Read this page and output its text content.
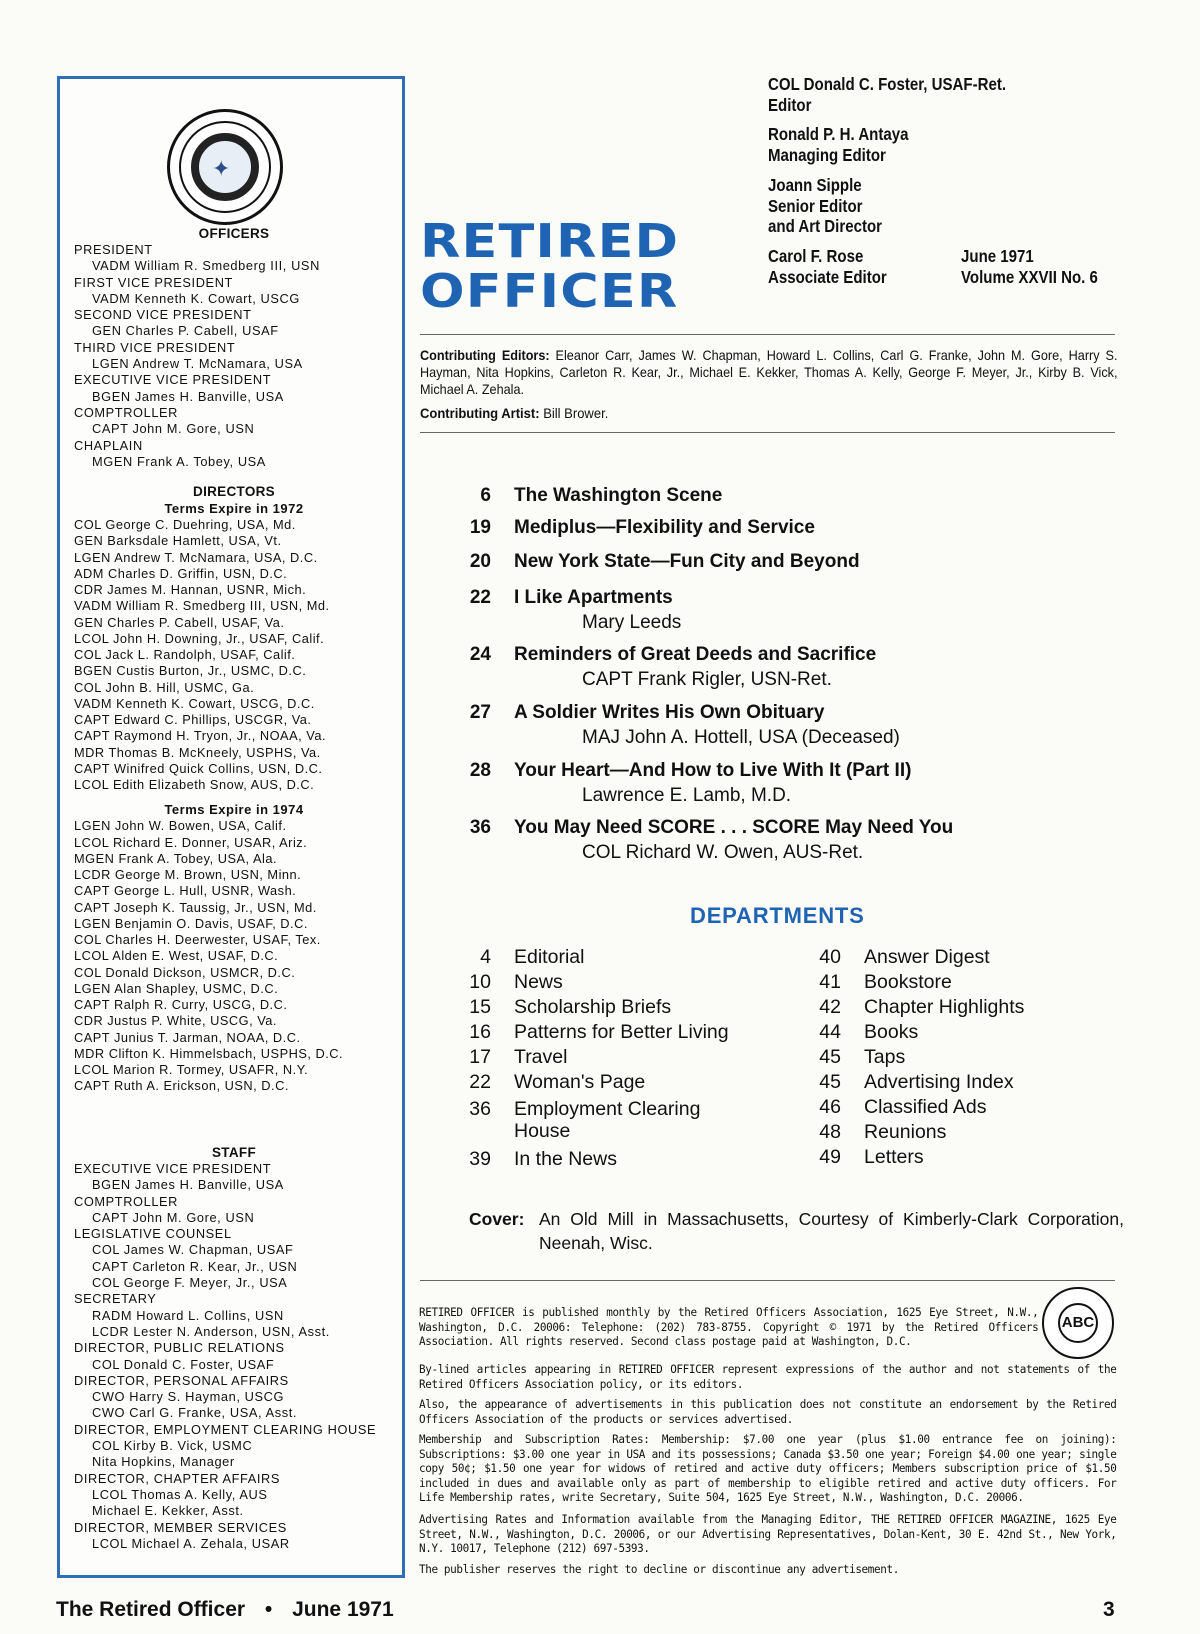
✦
OFFICERS
PRESIDENT
VADM William R. Smedberg III, USN
FIRST VICE PRESIDENT
VADM Kenneth K. Cowart, USCG
SECOND VICE PRESIDENT
GEN Charles P. Cabell, USAF
THIRD VICE PRESIDENT
LGEN Andrew T. McNamara, USA
EXECUTIVE VICE PRESIDENT
BGEN James H. Banville, USA
COMPTROLLER
CAPT John M. Gore, USN
CHAPLAIN
MGEN Frank A. Tobey, USA
DIRECTORS
Terms Expire in 1972
COL George C. Duehring, USA, Md.
GEN Barksdale Hamlett, USA, Vt.
LGEN Andrew T. McNamara, USA, D.C.
ADM Charles D. Griffin, USN, D.C.
CDR James M. Hannan, USNR, Mich.
VADM William R. Smedberg III, USN, Md.
GEN Charles P. Cabell, USAF, Va.
LCOL John H. Downing, Jr., USAF, Calif.
COL Jack L. Randolph, USAF, Calif.
BGEN Custis Burton, Jr., USMC, D.C.
COL John B. Hill, USMC, Ga.
VADM Kenneth K. Cowart, USCG, D.C.
CAPT Edward C. Phillips, USCGR, Va.
CAPT Raymond H. Tryon, Jr., NOAA, Va.
MDR Thomas B. McKneely, USPHS, Va.
CAPT Winifred Quick Collins, USN, D.C.
LCOL Edith Elizabeth Snow, AUS, D.C.
Terms Expire in 1974
LGEN John W. Bowen, USA, Calif.
LCOL Richard E. Donner, USAR, Ariz.
MGEN Frank A. Tobey, USA, Ala.
LCDR George M. Brown, USN, Minn.
CAPT George L. Hull, USNR, Wash.
CAPT Joseph K. Taussig, Jr., USN, Md.
LGEN Benjamin O. Davis, USAF, D.C.
COL Charles H. Deerwester, USAF, Tex.
LCOL Alden E. West, USAF, D.C.
COL Donald Dickson, USMCR, D.C.
LGEN Alan Shapley, USMC, D.C.
CAPT Ralph R. Curry, USCG, D.C.
CDR Justus P. White, USCG, Va.
CAPT Junius T. Jarman, NOAA, D.C.
MDR Clifton K. Himmelsbach, USPHS, D.C.
LCOL Marion R. Tormey, USAFR, N.Y.
CAPT Ruth A. Erickson, USN, D.C.
STAFF
EXECUTIVE VICE PRESIDENT
BGEN James H. Banville, USA
COMPTROLLER
CAPT John M. Gore, USN
LEGISLATIVE COUNSEL
COL James W. Chapman, USAF
CAPT Carleton R. Kear, Jr., USN
COL George F. Meyer, Jr., USA
SECRETARY
RADM Howard L. Collins, USN
LCDR Lester N. Anderson, USN, Asst.
DIRECTOR, PUBLIC RELATIONS
COL Donald C. Foster, USAF
DIRECTOR, PERSONAL AFFAIRS
CWO Harry S. Hayman, USCG
CWO Carl G. Franke, USA, Asst.
DIRECTOR, EMPLOYMENT CLEARING HOUSE
COL Kirby B. Vick, USMC
Nita Hopkins, Manager
DIRECTOR, CHAPTER AFFAIRS
LCOL Thomas A. Kelly, AUS
Michael E. Kekker, Asst.
DIRECTOR, MEMBER SERVICES
LCOL Michael A. Zehala, USAR
RETIRED
OFFICER
COL Donald C. Foster, USAF-Ret.
Editor
Ronald P. H. Antaya
Managing Editor
Joann Sipple
Senior Editor
and Art Director
Carol F. Rose
Associate Editor
June 1971
Volume XXVII No. 6
Contributing Editors: Eleanor Carr, James W. Chapman, Howard L. Collins, Carl G. Franke, John M. Gore, Harry S. Hayman, Nita Hopkins, Carleton R. Kear, Jr., Michael E. Kekker, Thomas A. Kelly, George F. Meyer, Jr., Kirby B. Vick, Michael A. Zehala.
Contributing Artist: Bill Brower.
6 The Washington Scene
19 Mediplus—Flexibility and Service
20 New York State—Fun City and Beyond
22 I Like Apartments
Mary Leeds
24 Reminders of Great Deeds and Sacrifice
CAPT Frank Rigler, USN-Ret.
27 A Soldier Writes His Own Obituary
MAJ John A. Hottell, USA (Deceased)
28 Your Heart—And How to Live With It (Part II)
Lawrence E. Lamb, M.D.
36 You May Need SCORE . . . SCORE May Need You
COL Richard W. Owen, AUS-Ret.
DEPARTMENTS
4 Editorial
10 News
15 Scholarship Briefs
16 Patterns for Better Living
17 Travel
22 Woman's Page
36 Employment Clearing
House
39 In the News
40 Answer Digest
41 Bookstore
42 Chapter Highlights
44 Books
45 Taps
45 Advertising Index
46 Classified Ads
48 Reunions
49 Letters
Cover: An Old Mill in Massachusetts, Courtesy of Kimberly-Clark Corporation, Neenah, Wisc.
RETIRED OFFICER is published monthly by the Retired Officers Association, 1625 Eye Street, N.W., Washington, D.C. 20006: Telephone: (202) 783-8755. Copyright © 1971 by the Retired Officers Association. All rights reserved. Second class postage paid at Washington, D.C.
ABC
By-lined articles appearing in RETIRED OFFICER represent expressions of the author and not statements of the Retired Officers Association policy, or its editors.
Also, the appearance of advertisements in this publication does not constitute an endorsement by the Retired Officers Association of the products or services advertised.
Membership and Subscription Rates: Membership: $7.00 one year (plus $1.00 entrance fee on joining): Subscriptions: $3.00 one year in USA and its possessions; Canada $3.50 one year; Foreign $4.00 one year; single copy 50¢; $1.50 one year for widows of retired and active duty officers; Members subscription price of $1.50 included in dues and available only as part of membership to eligible retired and active duty officers. For Life Membership rates, write Secretary, Suite 504, 1625 Eye Street, N.W., Washington, D.C. 20006.
Advertising Rates and Information available from the Managing Editor, THE RETIRED OFFICER MAGAZINE, 1625 Eye Street, N.W., Washington, D.C. 20006, or our Advertising Representatives, Dolan-Kent, 30 E. 42nd St., New York, N.Y. 10017, Telephone (212) 697-5393.
The publisher reserves the right to decline or discontinue any advertisement.
The Retired Officer • June 1971	3
